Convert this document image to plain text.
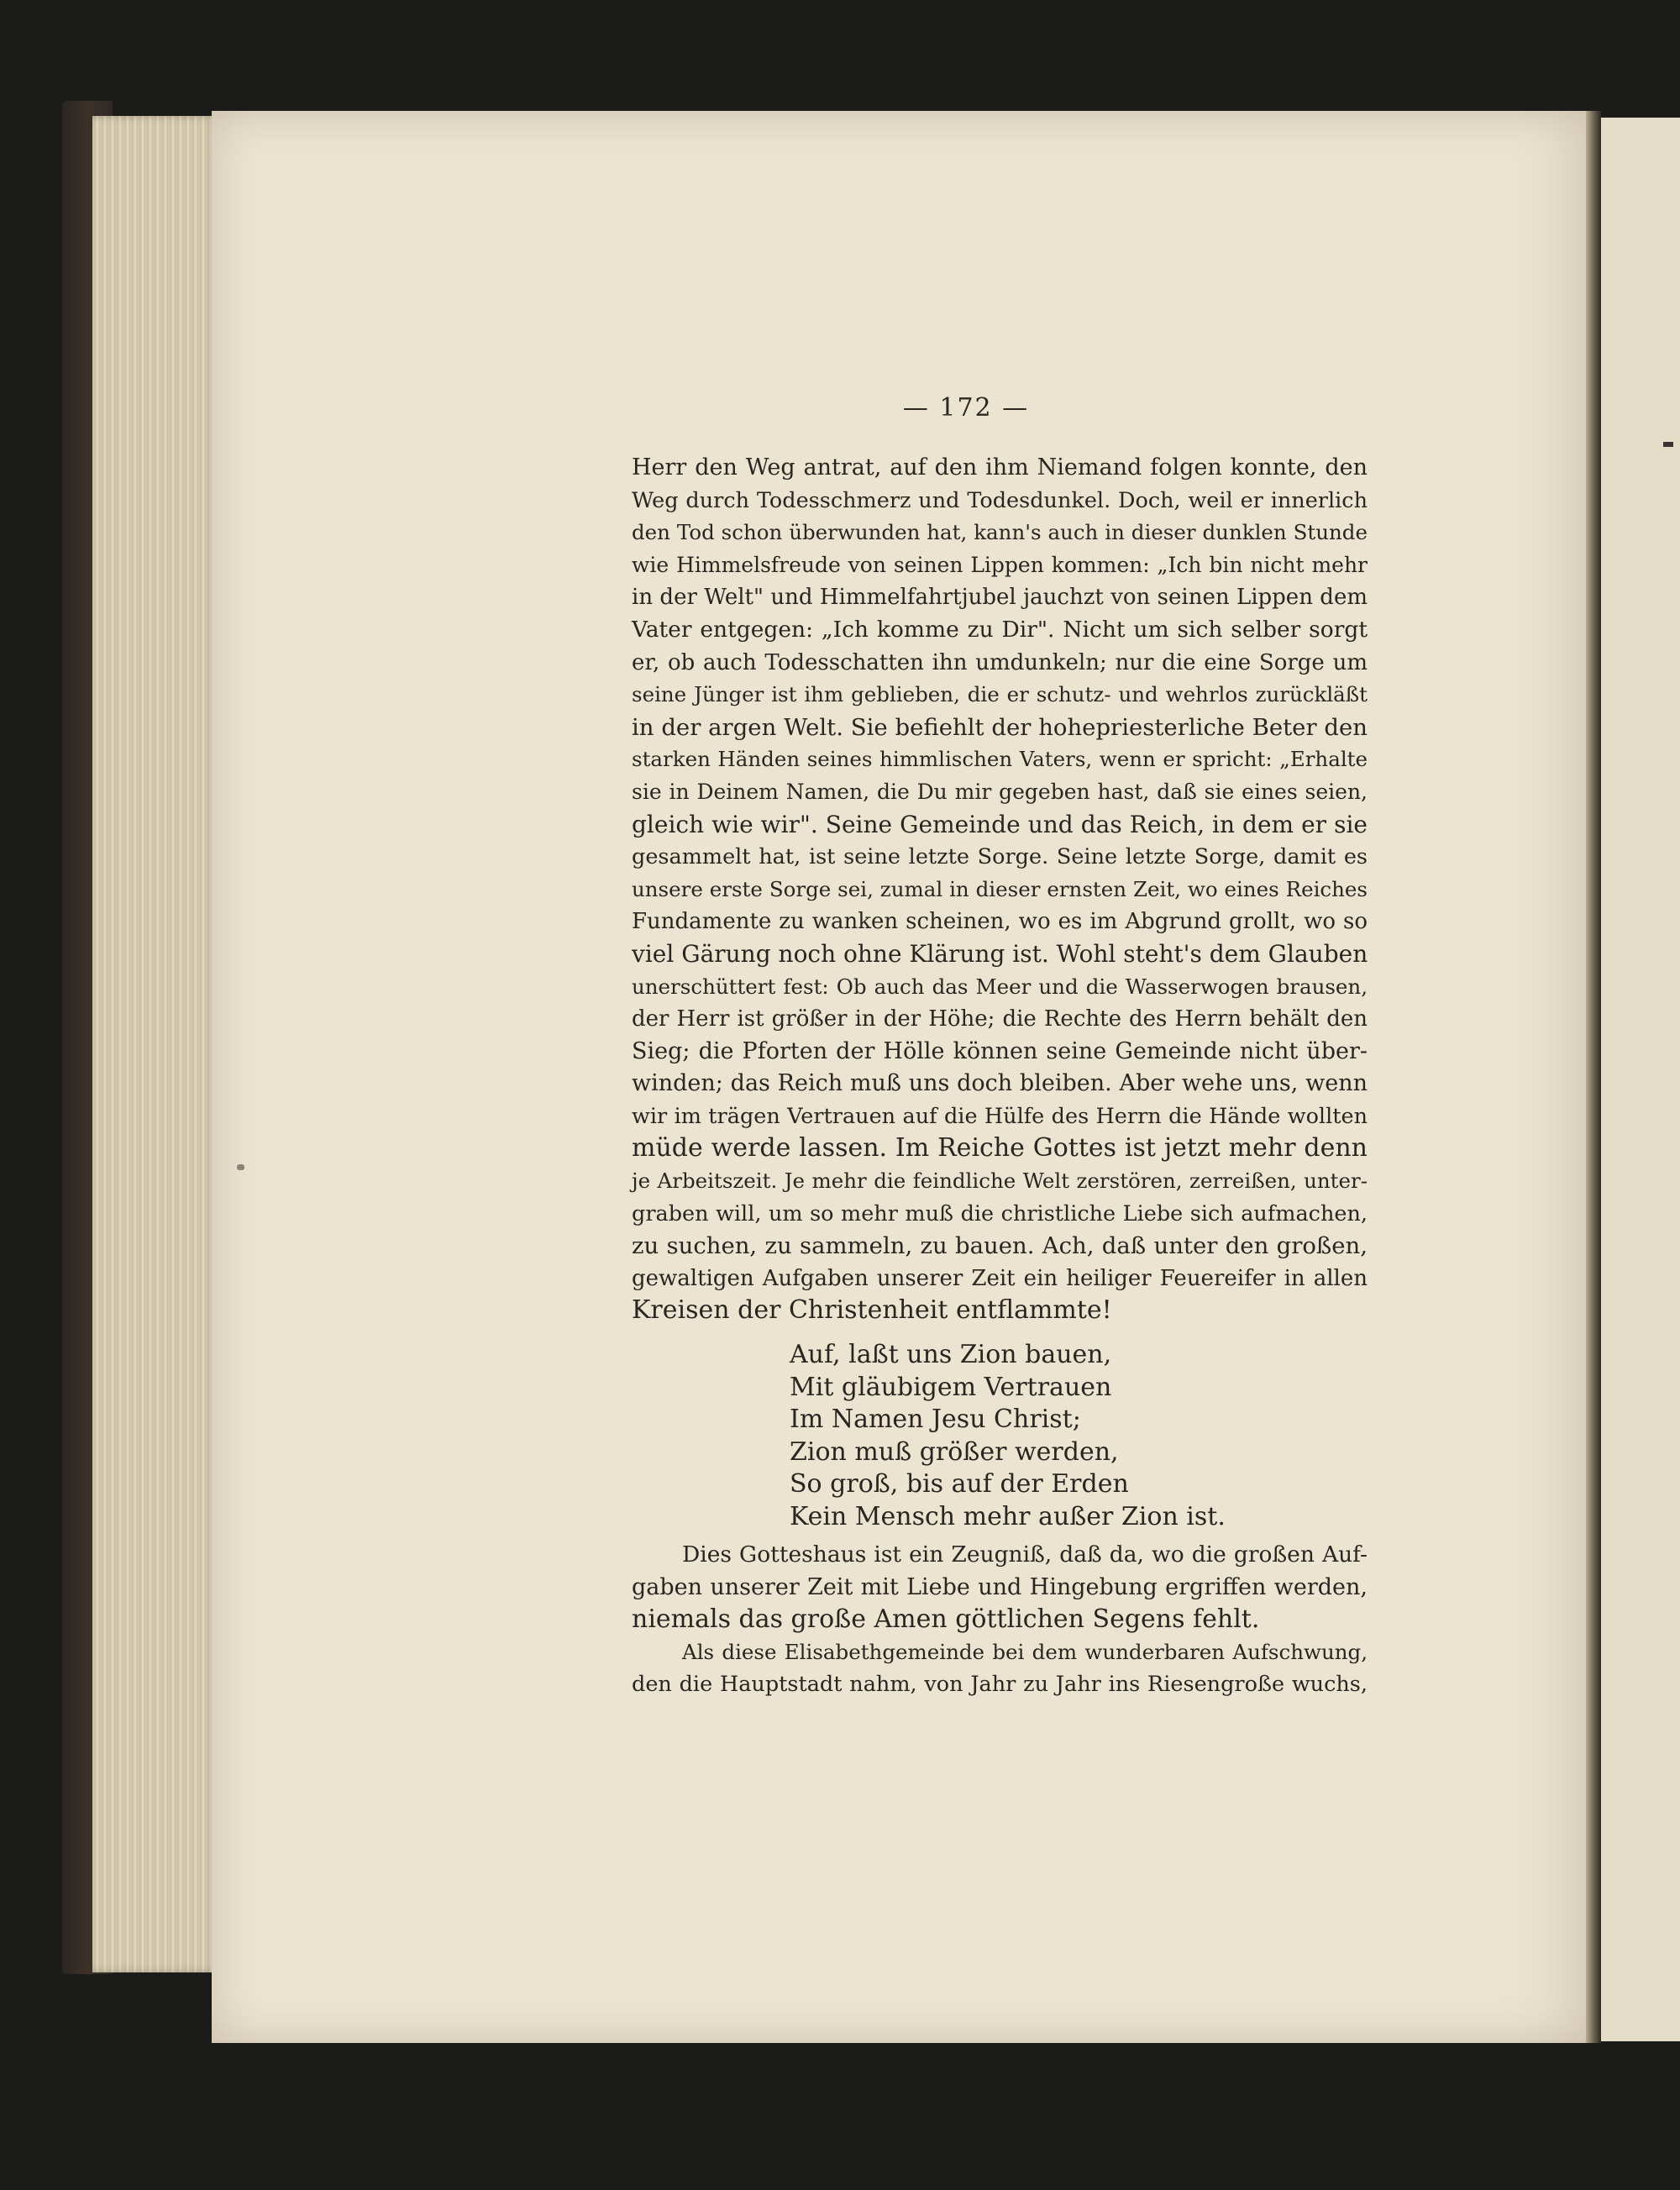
— 172 —
Herr den Weg antrat, auf den ihm Niemand folgen konnte, den
Weg durch Todesschmerz und Todesdunkel. Doch, weil er innerlich
den Tod schon überwunden hat, kann's auch in dieser dunklen Stunde
wie Himmelsfreude von seinen Lippen kommen: „Ich bin nicht mehr
in der Welt" und Himmelfahrtjubel jauchzt von seinen Lippen dem
Vater entgegen: „Ich komme zu Dir". Nicht um sich selber sorgt
er, ob auch Todesschatten ihn umdunkeln; nur die eine Sorge um
seine Jünger ist ihm geblieben, die er schutz- und wehrlos zurückläßt
in der argen Welt. Sie befiehlt der hohepriesterliche Beter den
starken Händen seines himmlischen Vaters, wenn er spricht: „Erhalte
sie in Deinem Namen, die Du mir gegeben hast, daß sie eines seien,
gleich wie wir". Seine Gemeinde und das Reich, in dem er sie
gesammelt hat, ist seine letzte Sorge. Seine letzte Sorge, damit es
unsere erste Sorge sei, zumal in dieser ernsten Zeit, wo eines Reiches
Fundamente zu wanken scheinen, wo es im Abgrund grollt, wo so
viel Gärung noch ohne Klärung ist. Wohl steht's dem Glauben
unerschüttert fest: Ob auch das Meer und die Wasserwogen brausen,
der Herr ist größer in der Höhe; die Rechte des Herrn behält den
Sieg; die Pforten der Hölle können seine Gemeinde nicht über-
winden; das Reich muß uns doch bleiben. Aber wehe uns, wenn
wir im trägen Vertrauen auf die Hülfe des Herrn die Hände wollten
müde werde lassen. Im Reiche Gottes ist jetzt mehr denn
je Arbeitszeit. Je mehr die feindliche Welt zerstören, zerreißen, unter-
graben will, um so mehr muß die christliche Liebe sich aufmachen,
zu suchen, zu sammeln, zu bauen. Ach, daß unter den großen,
gewaltigen Aufgaben unserer Zeit ein heiliger Feuereifer in allen
Kreisen der Christenheit entflammte!
Auf, laßt uns Zion bauen,
Mit gläubigem Vertrauen
Im Namen Jesu Christ;
Zion muß größer werden,
So groß, bis auf der Erden
Kein Mensch mehr außer Zion ist.
Dies Gotteshaus ist ein Zeugniß, daß da, wo die großen Auf-
gaben unserer Zeit mit Liebe und Hingebung ergriffen werden,
niemals das große Amen göttlichen Segens fehlt.
Als diese Elisabethgemeinde bei dem wunderbaren Aufschwung,
den die Hauptstadt nahm, von Jahr zu Jahr ins Riesengroße wuchs,
